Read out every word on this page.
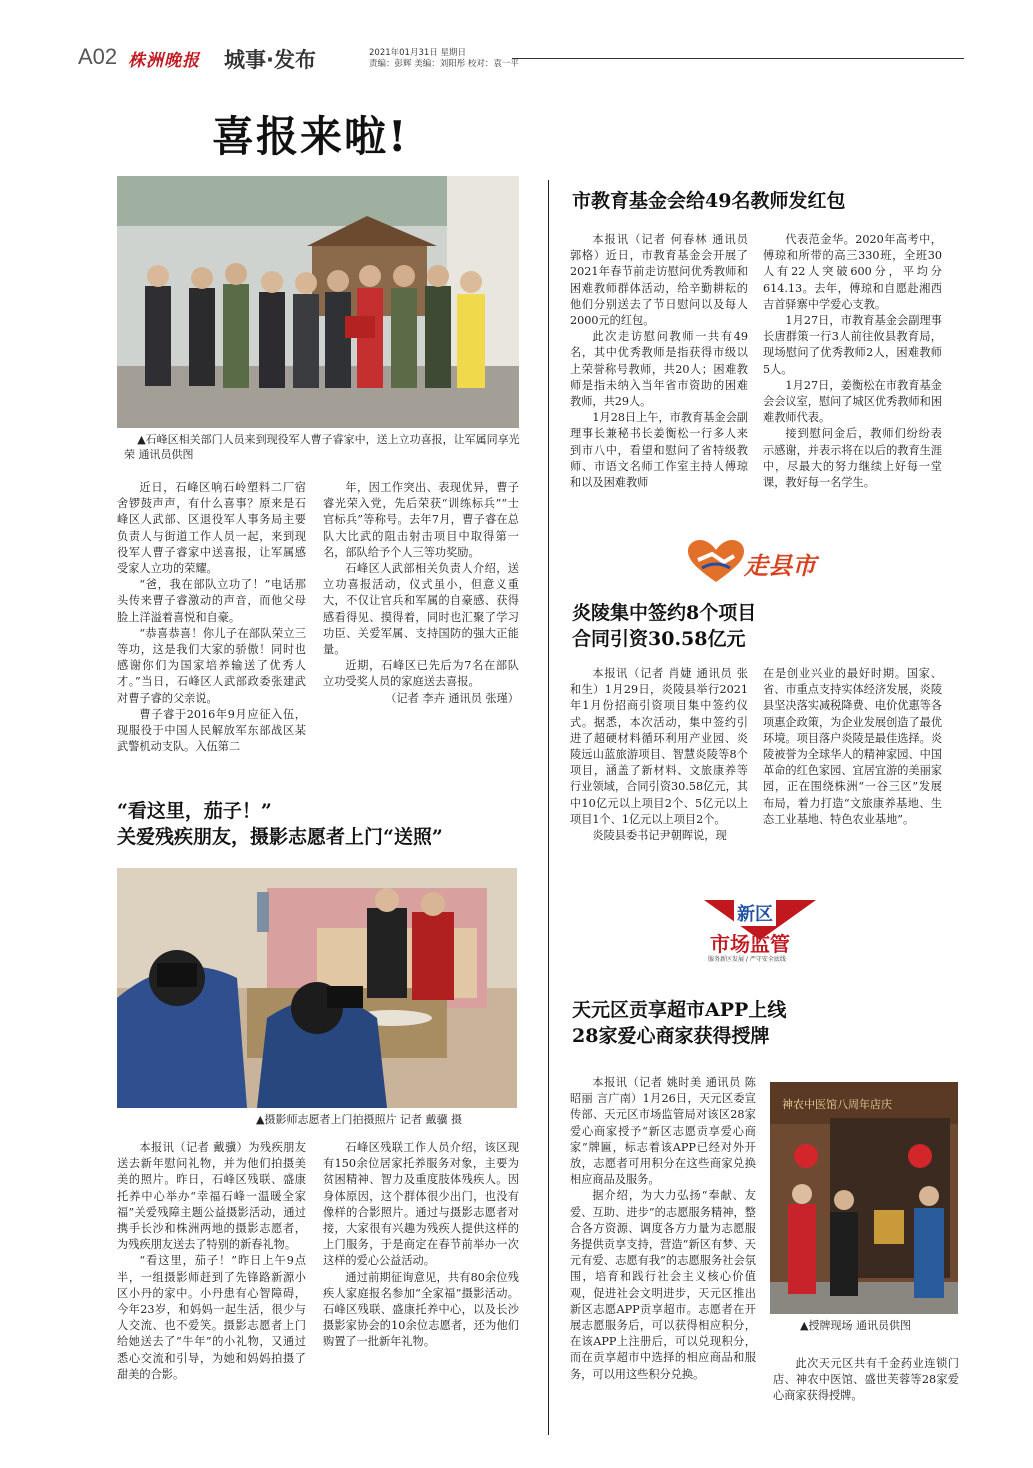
A02 株洲晚报 城事·发布	2021年01月31日 星期日
责编：彭辉 美编：刘阳彤 校对：袁一平
喜报来啦!
▲石峰区相关部门人员来到现役军人曹子睿家中，送上立功喜报，让军属同享光荣 通讯员供图

近日，石峰区响石岭塑料二厂宿舍锣鼓声声，有什么喜事？原来是石峰区人武部、区退役军人事务局主要负责人与街道工作人员一起，来到现役军人曹子睿家中送喜报，让军属感受家人立功的荣耀。

“爸，我在部队立功了！”电话那头传来曹子睿激动的声音，而他父母脸上洋溢着喜悦和自豪。

“恭喜恭喜！你儿子在部队荣立三等功，这是我们大家的骄傲！同时也感谢你们为国家培养输送了优秀人才。”当日，石峰区人武部政委张建武对曹子睿的父亲说。

曹子睿于2016年9月应征入伍，现服役于中国人民解放军东部战区某武警机动支队。入伍第二

年，因工作突出、表现优异，曹子睿光荣入党，先后荣获“训练标兵”“士官标兵”等称号。去年7月，曹子睿在总队大比武的阻击射击项目中取得第一名，部队给予个人三等功奖励。

石峰区人武部相关负责人介绍，送立功喜报活动，仪式虽小，但意义重大，不仅让官兵和军属的自豪感、获得感看得见、摸得着，同时也汇聚了学习功臣、关爱军属、支持国防的强大正能量。

近期，石峰区已先后为7名在部队立功受奖人员的家庭送去喜报。

（记者 李卉 通讯员 张瑾）

“看这里，茄子！”
关爱残疾朋友，摄影志愿者上门“送照”
▲摄影师志愿者上门拍摄照片 记者 戴骥 摄

本报讯（记者 戴骥）为残疾朋友送去新年慰问礼物，并为他们拍摄美美的照片。昨日，石峰区残联、盛康托养中心举办“幸福石峰一温暖全家福”关爱残障主题公益摄影活动，通过携手长沙和株洲两地的摄影志愿者，为残疾朋友送去了特别的新春礼物。

“看这里，茄子！”昨日上午9点半，一组摄影师赶到了先锋路新源小区小丹的家中。小丹患有心智障碍，今年23岁，和妈妈一起生活，很少与人交流、也不爱笑。摄影志愿者上门给她送去了“牛年”的小礼物，又通过悉心交流和引导，为她和妈妈拍摄了甜美的合影。

石峰区残联工作人员介绍，该区现有150余位居家托养服务对象，主要为贫困精神、智力及重度肢体残疾人。因身体原因，这个群体很少出门，也没有像样的合影照片。通过与摄影志愿者对接，大家很有兴趣为残疾人提供这样的上门服务，于是商定在春节前举办一次这样的爱心公益活动。

通过前期征询意见，共有80余位残疾人家庭报名参加“全家福”摄影活动。石峰区残联、盛康托养中心，以及长沙摄影家协会的10余位志愿者，还为他们购置了一批新年礼物。

市教育基金会给49名教师发红包

本报讯（记者 何春林 通讯员 郭格）近日，市教育基金会开展了2021年春节前走访慰问优秀教师和困难教师群体活动，给辛勤耕耘的他们分别送去了节日慰问以及每人2000元的红包。

此次走访慰问教师一共有49名，其中优秀教师是指获得市级以上荣誉称号教师，共20人；困难教师是指未纳入当年省市资助的困难教师，共29人。

1月28日上午，市教育基金会副理事长兼秘书长姜衡松一行多人来到市八中，看望和慰问了省特级教师、市语文名师工作室主持人傅琼和以及困难教师

代表范金华。2020年高考中，傅琼和所带的高三330班，全班30人有22人突破600分，平均分614.13。去年，傅琼和自愿赴湘西吉首驿寨中学爱心支教。

1月27日，市教育基金会副理事长唐群策一行3人前往攸县教育局，现场慰问了优秀教师2人，困难教师5人。

1月27日，姜衡松在市教育基金会会议室，慰问了城区优秀教师和困难教师代表。

接到慰问金后，教师们纷纷表示感谢，并表示将在以后的教育生涯中，尽最大的努力继续上好每一堂课，教好每一名学生。

走县市
炎陵集中签约8个项目
合同引资30.58亿元

本报讯（记者 肖婕 通讯员 张和生）1月29日，炎陵县举行2021年1月份招商引资项目集中签约仪式。据悉，本次活动，集中签约引进了超硬材料循环利用产业园、炎陵远山蓝旅游项目、智慧炎陵等8个项目，涵盖了新材料、文旅康养等行业领域，合同引资30.58亿元，其中10亿元以上项目2个、5亿元以上项目1个、1亿元以上项目2个。

炎陵县委书记尹朝晖说，现

在是创业兴业的最好时期。国家、省、市重点支持实体经济发展，炎陵县坚决落实减税降费、电价优惠等各项惠企政策，为企业发展创造了最优环境。项目落户炎陵是最佳选择。炎陵被誉为全球华人的精神家园、中国革命的红色家园、宜居宜游的美丽家园，正在围绕株洲“一谷三区”发展布局，着力打造“文旅康养基地、生态工业基地、特色农业基地”。

新区
市场监管
服务新区发展 / 严守安全底线
天元区贡享超市APP上线
28家爱心商家获得授牌

本报讯（记者 姚时美 通讯员 陈昭丽 言广南）1月26日，天元区委宣传部、天元区市场监管局对该区28家爱心商家授予“新区志愿贡享爱心商家”牌匾，标志着该APP已经对外开放，志愿者可用积分在这些商家兑换相应商品及服务。

据介绍，为大力弘扬“奉献、友爱、互助、进步”的志愿服务精神，整合各方资源、调度各方力量为志愿服务提供贡享支持，营造“新区有梦、天元有爱、志愿有我”的志愿服务社会氛围，培育和践行社会主义核心价值观，促进社会文明进步，天元区推出新区志愿APP贡享超市。志愿者在开展志愿服务后，可以获得相应积分，在该APP上注册后，可以兑现积分，而在贡享超市中选择的相应商品和服务，可以用这些积分兑换。

神农中医馆八周年店庆
▲授牌现场 通讯员供图

此次天元区共有千金药业连锁门店、神农中医馆、盛世芙蓉等28家爱心商家获得授牌。
